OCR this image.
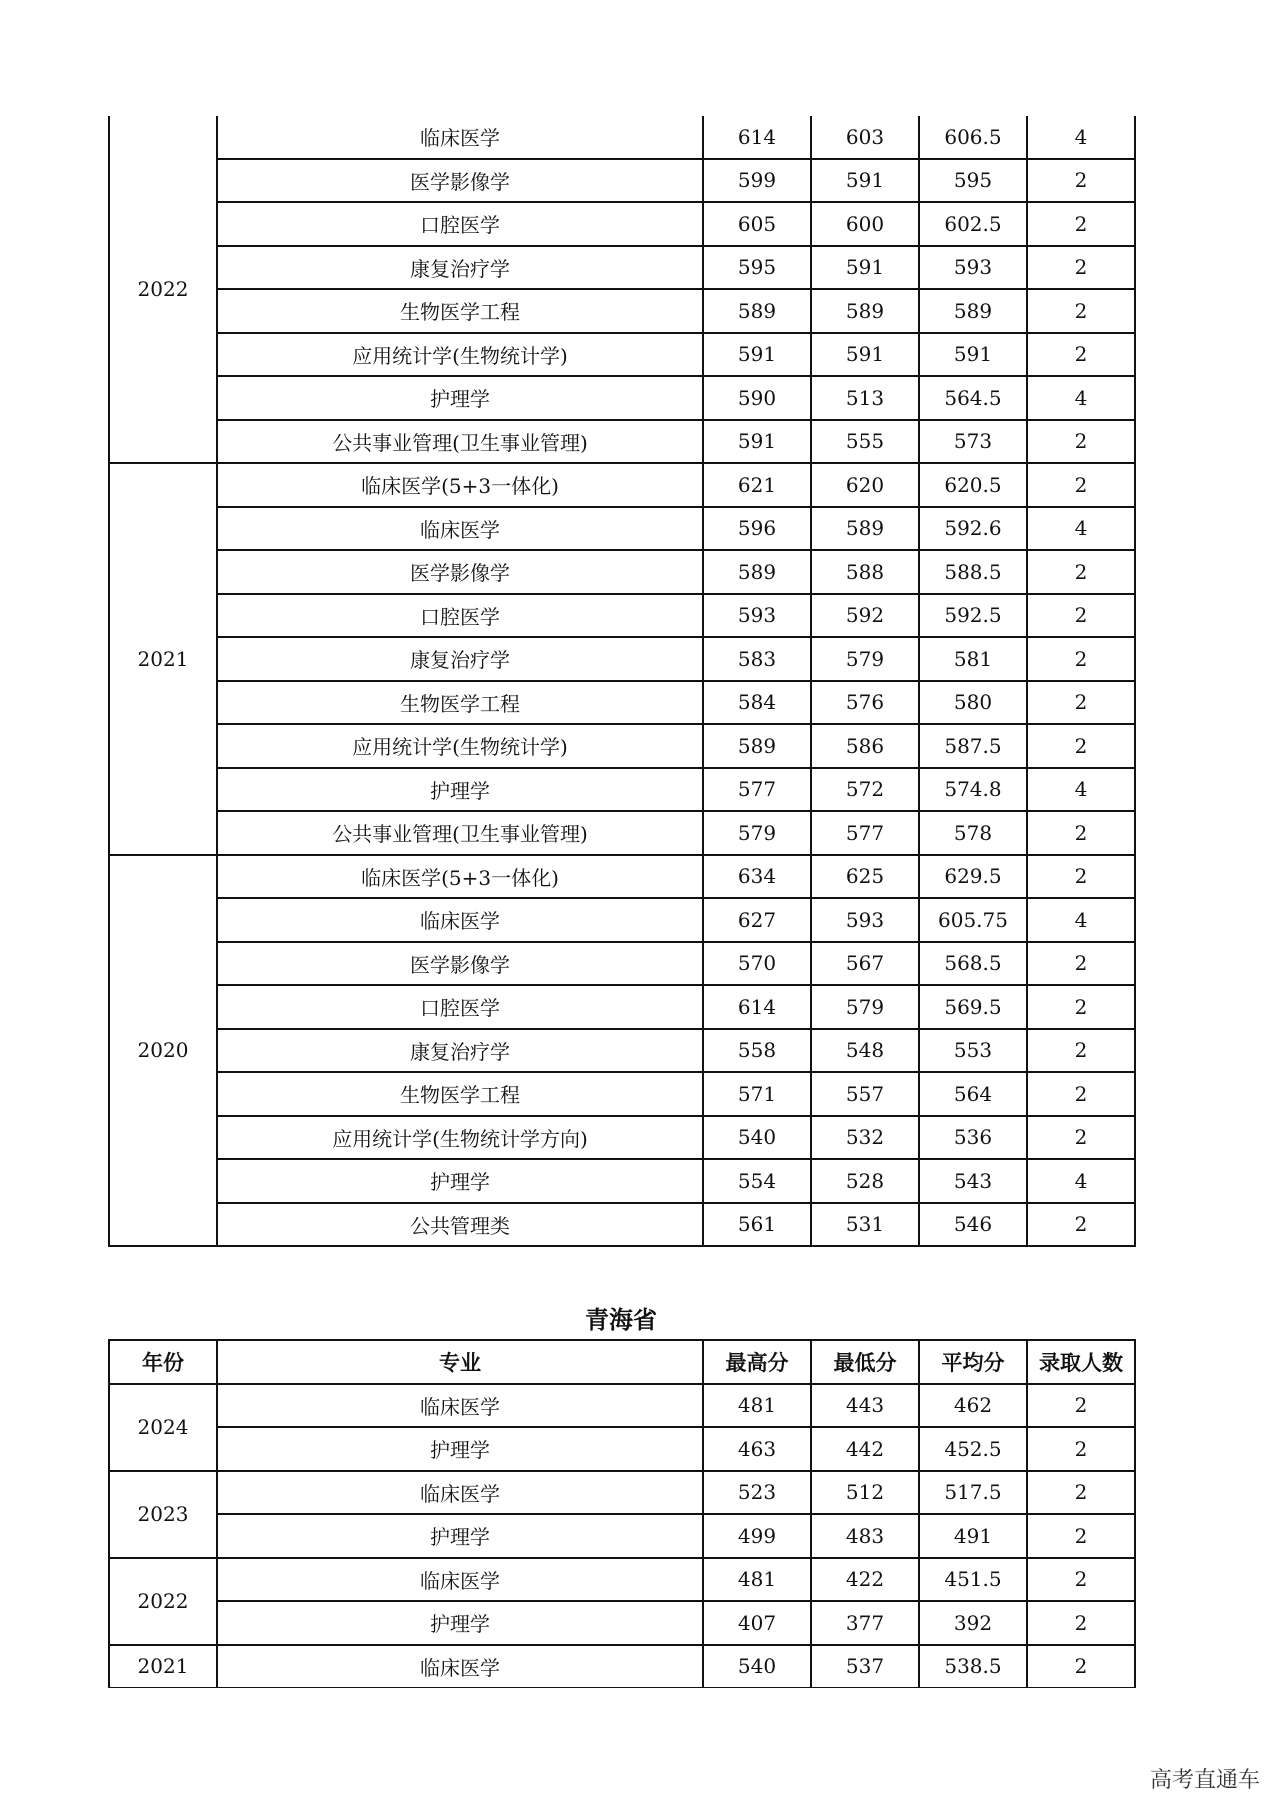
2022	临床医学	614	603	606.5	4
	医学影像学	599	591	595	2
	口腔医学	605	600	602.5	2
	康复治疗学	595	591	593	2
	生物医学工程	589	589	589	2
	应用统计学(生物统计学)	591	591	591	2
	护理学	590	513	564.5	4
	公共事业管理(卫生事业管理)	591	555	573	2
2021	临床医学(5+3一体化)	621	620	620.5	2
	临床医学	596	589	592.6	4
	医学影像学	589	588	588.5	2
	口腔医学	593	592	592.5	2
	康复治疗学	583	579	581	2
	生物医学工程	584	576	580	2
	应用统计学(生物统计学)	589	586	587.5	2
	护理学	577	572	574.8	4
	公共事业管理(卫生事业管理)	579	577	578	2
2020	临床医学(5+3一体化)	634	625	629.5	2
	临床医学	627	593	605.75	4
	医学影像学	570	567	568.5	2
	口腔医学	614	579	569.5	2
	康复治疗学	558	548	553	2
	生物医学工程	571	557	564	2
	应用统计学(生物统计学方向)	540	532	536	2
	护理学	554	528	543	4
	公共管理类	561	531	546	2
青海省
年份	专业	最高分	最低分	平均分	录取人数
2024	临床医学	481	443	462	2
	护理学	463	442	452.5	2
2023	临床医学	523	512	517.5	2
	护理学	499	483	491	2
2022	临床医学	481	422	451.5	2
	护理学	407	377	392	2
2021	临床医学	540	537	538.5	2
高考直通车
